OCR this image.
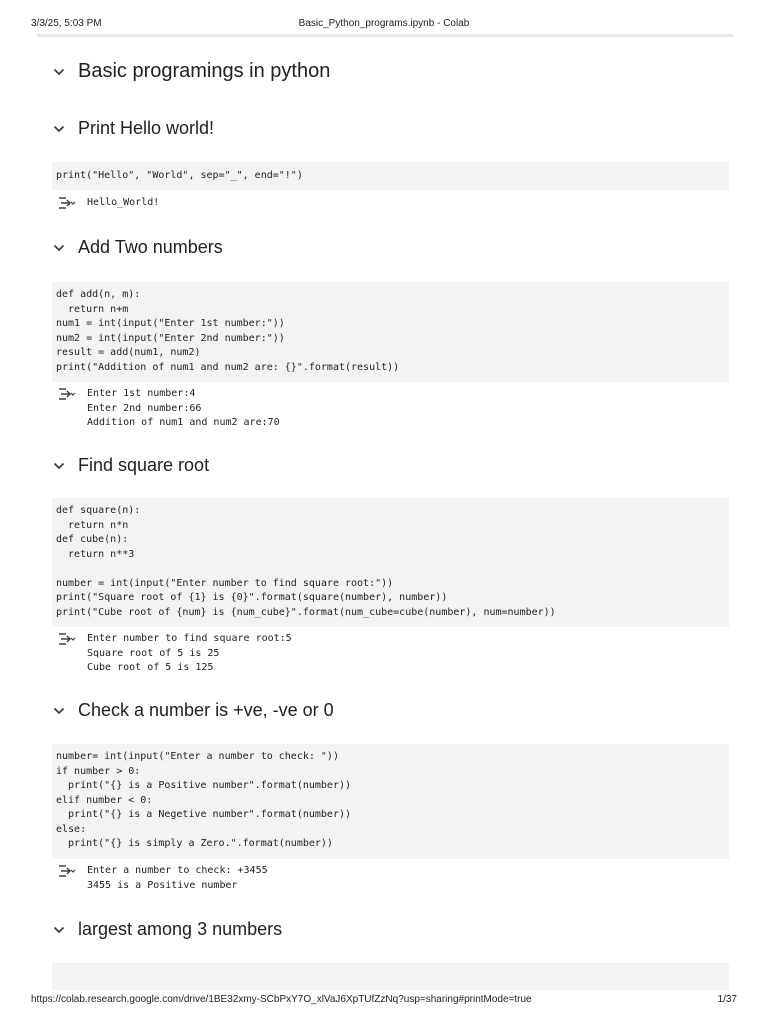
3/3/25, 5:03 PM	Basic_Python_programs.ipynb - Colab
Basic programings in python
Print Hello world!
print("Hello", "World", sep="_", end="!")
Hello_World!
Add Two numbers
def add(n, m):
return n+m
num1 = int(input("Enter 1st number:"))
num2 = int(input("Enter 2nd number:"))
result = add(num1, num2)
print("Addition of num1 and num2 are: {}".format(result))
Enter 1st number:4
Enter 2nd number:66
Addition of num1 and num2 are:70
Find square root
def square(n):
return n*n
def cube(n):
return n**3
number = int(input("Enter number to find square root:"))
print("Square root of {1} is {0}".format(square(number), number))
print("Cube root of {num} is {num_cube}".format(num_cube=cube(number), num=number))
Enter number to find square root:5
Square root of 5 is 25
Cube root of 5 is 125
Check a number is +ve, -ve or 0
number= int(input("Enter a number to check: "))
if number > 0:
print("{} is a Positive number".format(number))
elif number < 0:
print("{} is a Negetive number".format(number))
else:
print("{} is simply a Zero.".format(number))
Enter a number to check: +3455
3455 is a Positive number
largest among 3 numbers
https://colab.research.google.com/drive/1BE32xmy-SCbPxY7O_xlVaJ6XpTUfZzNq?usp=sharing#printMode=true	1/37
